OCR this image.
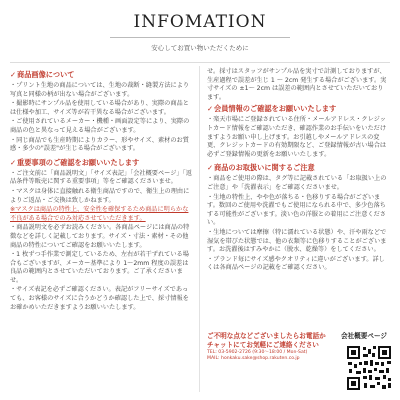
INFOMATION
安心してお買い物いただくために
✓商品画像について

・プリント生地の商品については、生地の裁断・縫製方法により写真と同様の柄が出ない場合がございます。

・撮影時にサンプル品を使用している場合があり、実際の商品とは仕様や加工、サイズ等が若干異なる場合がございます。

・ご使用されているメーカー・機種・画面設定等により、実際の商品の色と異なって見える場合がございます。

・同じ商品でも生産時期によりカラー、形やサイズ、素材のお質感・多少の"誤差"が生じる場合がございます。

✓重要事項のご確認をお願いいたします

・ご注文前に「商品説明文」「サイズ表記」「会社概要ページ」「返品条件等販売に関する重要事項」等をご確認くださいませ。

・マスクは身体に直接触れる衛生商品ですので、衛生上の理由によりご返品・ご交換は致しかねます。

※マスクは商品の特性上、安全性を確保するため商品に明らかな不良がある場合でのみ対応させていただきます。

・商品説明文を必ずお読みください。各商品ページには商品の特徴などを詳しく記載しております。サイズ・寸法・素材・その他商品の特性についてご確認をお願いいたします。

・1 枚ずつ手作業で測定しているため、左右が若干ずれている場合もございますが、メーカー基準により 1〜2mm 程度の誤差は良品の範囲内とさせていただいております。ご了承くださいませ。

・サイズ表記を必ずご確認ください。表記がフリーサイズであっても、お客様のサイズに合うかどうか確認した上で、採寸情報をお確かめいただきますようお願いいたします。

せ。採寸はスタッフがサンプル品を実寸で計測しておりますが、生産過程で誤差が生じ 1 〜 2cm 発生する場合がございます。実寸サイズの ±1〜 2cm は誤差の範囲内とさせていただいております。

✓会員情報のご確認をお願いいたします

・楽天市場にご登録されている住所・メールアドレス・クレジットカード情報をご確認いただき、確認作業のお手伝いをいただけますようお願い申し上げます。お引越しやメールアドレスの変更、クレジットカードの有効期限など、ご登録情報が古い場合は必ずご登録情報の更新をお願いいたします。

✓商品のお取扱いに関するご注意

・商品をご使用の際は、タグ等に記載されている「お取扱い上のご注意」や「洗濯表示」をご確認くださいませ。

・生地の特性上、やや色が落ちる・色移りする場合がございます。数回のご使用や洗濯でもご使用になられる中で、多少色落ちする可能性がございます。淡い色の洋服との着用にご注意ください。

・生地については摩擦（特に濡れている状態）や、汗や雨などで湿気を帯びた状態では、他の衣類等に色移りすることがございます。お洗濯後はすみやかに（脱水、乾燥等）をしてください。

・ブランド毎にサイズ感やクオリティに違いがございます。詳しくは各商品ページの記載をご確認ください。

ご不明な点などございましたらお電話かチャットにてお気軽にご連絡ください
TEL: 03-5902-2726 (9:30〜18:00 / Mon-Sat)
MAIL: honkaku.sake@shop.rakuten.co.jp
会社概要ページ
